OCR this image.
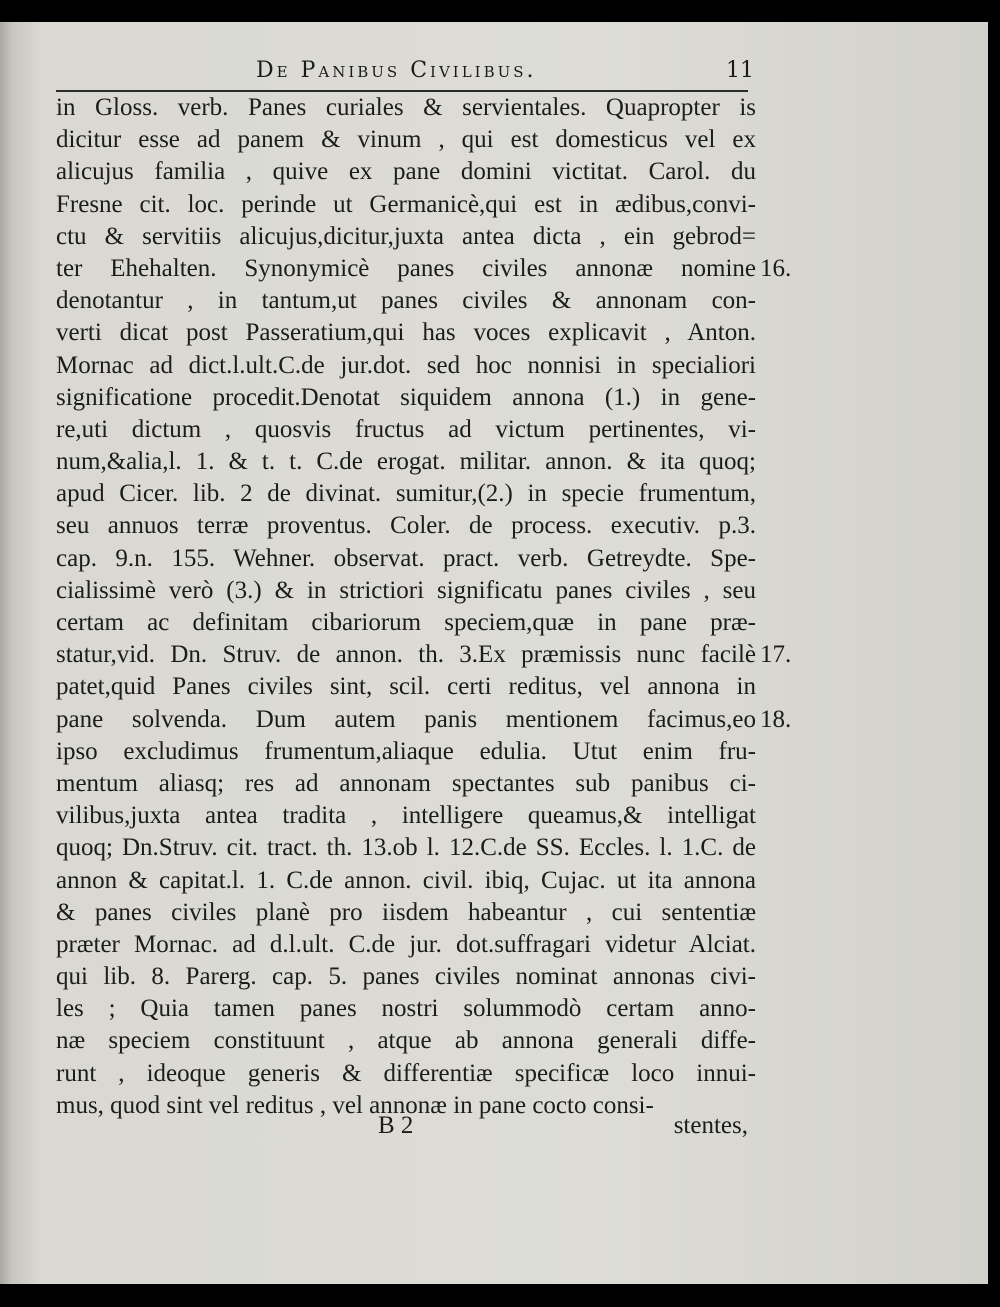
De Panibus Civilibus.	11
in Gloss. verb. Panes curiales & servientales. Quapropter is
dicitur esse ad panem & vinum , qui est domesticus vel ex
alicujus familia , quive ex pane domini victitat. Carol. du
Fresne cit. loc. perinde ut Germanicè,qui est in ædibus,convi-
ctu & servitiis alicujus,dicitur,juxta antea dicta , ein gebrod=
ter Ehehalten. Synonymicè panes civiles annonæ nomine
denotantur , in tantum,ut panes civiles & annonam con-
verti dicat post Passeratium,qui has voces explicavit , Anton.
Mornac ad dict.l.ult.C.de jur.dot. sed hoc nonnisi in specialiori
significatione procedit.Denotat siquidem annona (1.) in gene-
re,uti dictum , quosvis fructus ad victum pertinentes, vi-
num,&alia,l. 1. & t. t. C.de erogat. militar. annon. & ita quoq;
apud Cicer. lib. 2 de divinat. sumitur,(2.) in specie frumentum,
seu annuos terræ proventus. Coler. de process. executiv. p.3.
cap. 9.n. 155. Wehner. observat. pract. verb. Getreydte. Spe-
cialissimè verò (3.) & in strictiori significatu panes civiles , seu
certam ac definitam cibariorum speciem,quæ in pane præ-
statur,vid. Dn. Struv. de annon. th. 3.Ex præmissis nunc facilè
patet,quid Panes civiles sint, scil. certi reditus, vel annona in
pane solvenda. Dum autem panis mentionem facimus,eo
ipso excludimus frumentum,aliaque edulia. Utut enim fru-
mentum aliasq; res ad annonam spectantes sub panibus ci-
vilibus,juxta antea tradita , intelligere queamus,& intelligat
quoq; Dn.Struv. cit. tract. th. 13.ob l. 12.C.de SS. Eccles. l. 1.C. de
annon & capitat.l. 1. C.de annon. civil. ibiq, Cujac. ut ita annona
& panes civiles planè pro iisdem habeantur , cui sententiæ
præter Mornac. ad d.l.ult. C.de jur. dot.suffragari videtur Alciat.
qui lib. 8. Parerg. cap. 5. panes civiles nominat annonas civi-
les ; Quia tamen panes nostri solummodò certam anno-
næ speciem constituunt , atque ab annona generali diffe-
runt , ideoque generis & differentiæ specificæ loco innui-
mus, quod sint vel reditus , vel annonæ in pane cocto consi-
16.
17.
18.
B 2	stentes,
